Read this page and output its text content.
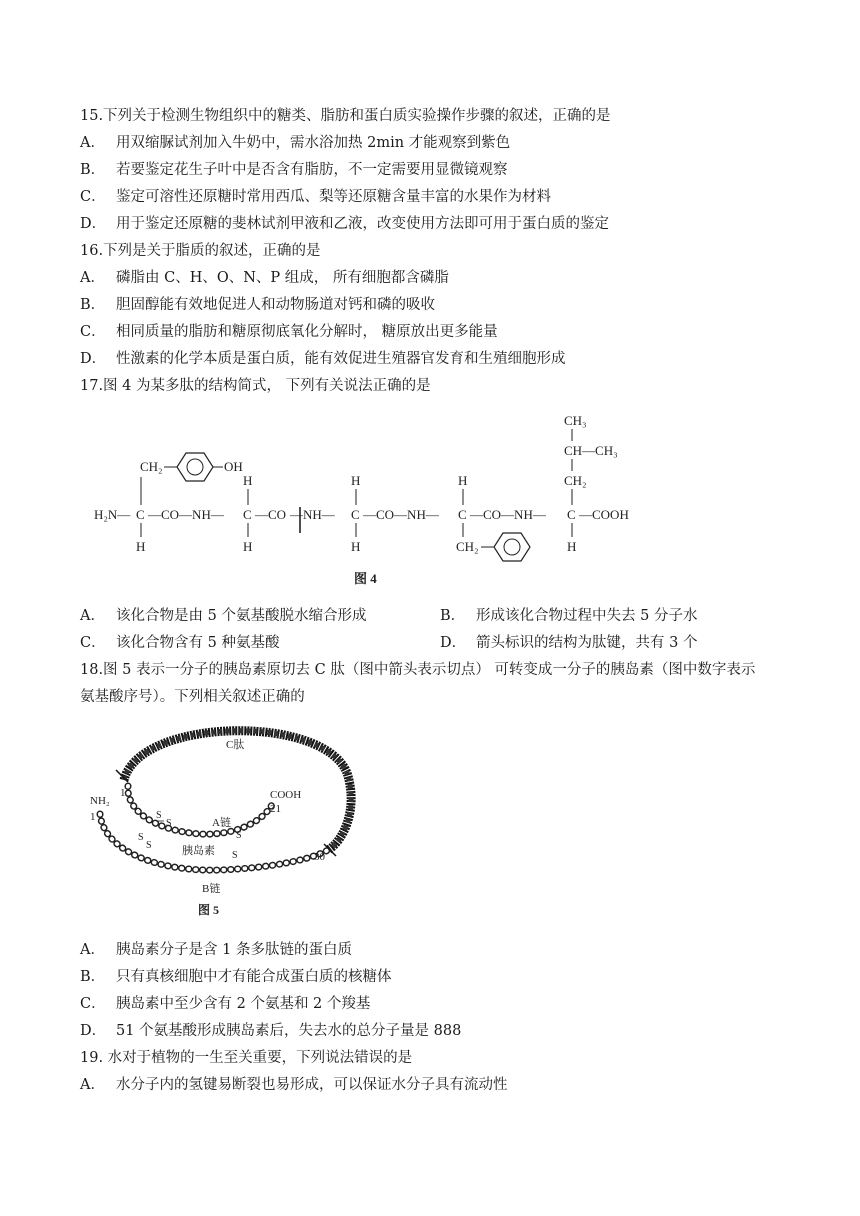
15.下列关于检测生物组织中的糖类、脂肪和蛋白质实验操作步骤的叙述，正确的是
A． 用双缩脲试剂加入牛奶中，需水浴加热 2min 才能观察到紫色
B． 若要鉴定花生子叶中是否含有脂肪，不一定需要用显微镜观察
C． 鉴定可溶性还原糖时常用西瓜、梨等还原糖含量丰富的水果作为材料
D． 用于鉴定还原糖的斐林试剂甲液和乙液，改变使用方法即可用于蛋白质的鉴定
16.下列是关于脂质的叙述，正确的是
A． 磷脂由 C、H、O、N、P 组成， 所有细胞都含磷脂
B． 胆固醇能有效地促进人和动物肠道对钙和磷的吸收
C． 相同质量的脂肪和糖原彻底氧化分解时， 糖原放出更多能量
D． 性激素的化学本质是蛋白质，能有效促进生殖器官发育和生殖细胞形成
17.图 4 为某多肽的结构简式， 下列有关说法正确的是
H₂N— C —CO—NH— C —CO —NH— C —CO—NH— C —CO—NH— C —COOH
CH₂	OH
H
H
H
H
H
H
CH₂
CH₃
CH—CH₃
CH₂
H
图 4
A． 该化合物是由 5 个氨基酸脱水缩合形成	B． 形成该化合物过程中失去 5 分子水
C． 该化合物含有 5 种氨基酸	D． 箭头标识的结构为肽键，共有 3 个
18.图 5 表示一分子的胰岛素原切去 C 肽（图中箭头表示切点） 可转变成一分子的胰岛素（图中数字表示
氨基酸序号）。下列相关叙述正确的
S
S
S
S
S
S
NH₂
1
1	COOH
21
30
C肽
A链
胰岛素
B链
图 5
A． 胰岛素分子是含 1 条多肽链的蛋白质
B． 只有真核细胞中才有能合成蛋白质的核糖体
C． 胰岛素中至少含有 2 个氨基和 2 个羧基
D． 51 个氨基酸形成胰岛素后，失去水的总分子量是 888
19. 水对于植物的一生至关重要，下列说法错误的是
A． 水分子内的氢键易断裂也易形成，可以保证水分子具有流动性
